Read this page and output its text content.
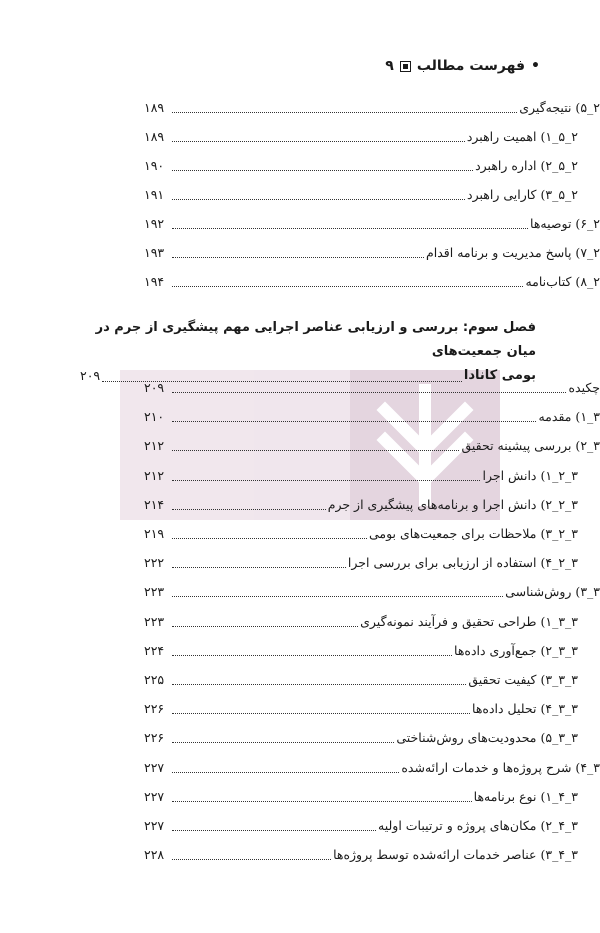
•
فهرست مطالب
۹
۲_۵) نتیجه‌گیری
۱۸۹
۲_۵_۱) اهمیت راهبرد
۱۸۹
۲_۵_۲) اداره راهبرد
۱۹۰
۲_۵_۳) کارایی راهبرد
۱۹۱
۲_۶) توصیه‌ها
۱۹۲
۲_۷) پاسخ مدیریت و برنامه اقدام
۱۹۳
۲_۸) کتاب‌نامه
۱۹۴
فصل سوم: بررسی و ارزیابی عناصر اجرایی مهم پیشگیری از جرم در میان جمعیت‌های
بومی کانادا
۲۰۹
چکیده
۲۰۹
۳_۱) مقدمه
۲۱۰
۳_۲) بررسی پیشینه تحقیق
۲۱۲
۳_۲_۱) دانش اجرا
۲۱۲
۳_۲_۲) دانش اجرا و برنامه‌های پیشگیری از جرم
۲۱۴
۳_۲_۳) ملاحظات برای جمعیت‌های بومی
۲۱۹
۳_۲_۴) استفاده از ارزیابی برای بررسی اجرا
۲۲۲
۳_۳) روش‌شناسی
۲۲۳
۳_۳_۱) طراحی تحقیق و فرآیند نمونه‌گیری
۲۲۳
۳_۳_۲) جمع‌آوری داده‌ها
۲۲۴
۳_۳_۳) کیفیت تحقیق
۲۲۵
۳_۳_۴) تحلیل داده‌ها
۲۲۶
۳_۳_۵) محدودیت‌های روش‌شناختی
۲۲۶
۳_۴) شرح پروژه‌ها و خدمات ارائه‌شده
۲۲۷
۳_۴_۱) نوع برنامه‌ها
۲۲۷
۳_۴_۲) مکان‌های پروژه و ترتیبات اولیه
۲۲۷
۳_۴_۳) عناصر خدمات ارائه‌شده توسط پروژه‌ها
۲۲۸
